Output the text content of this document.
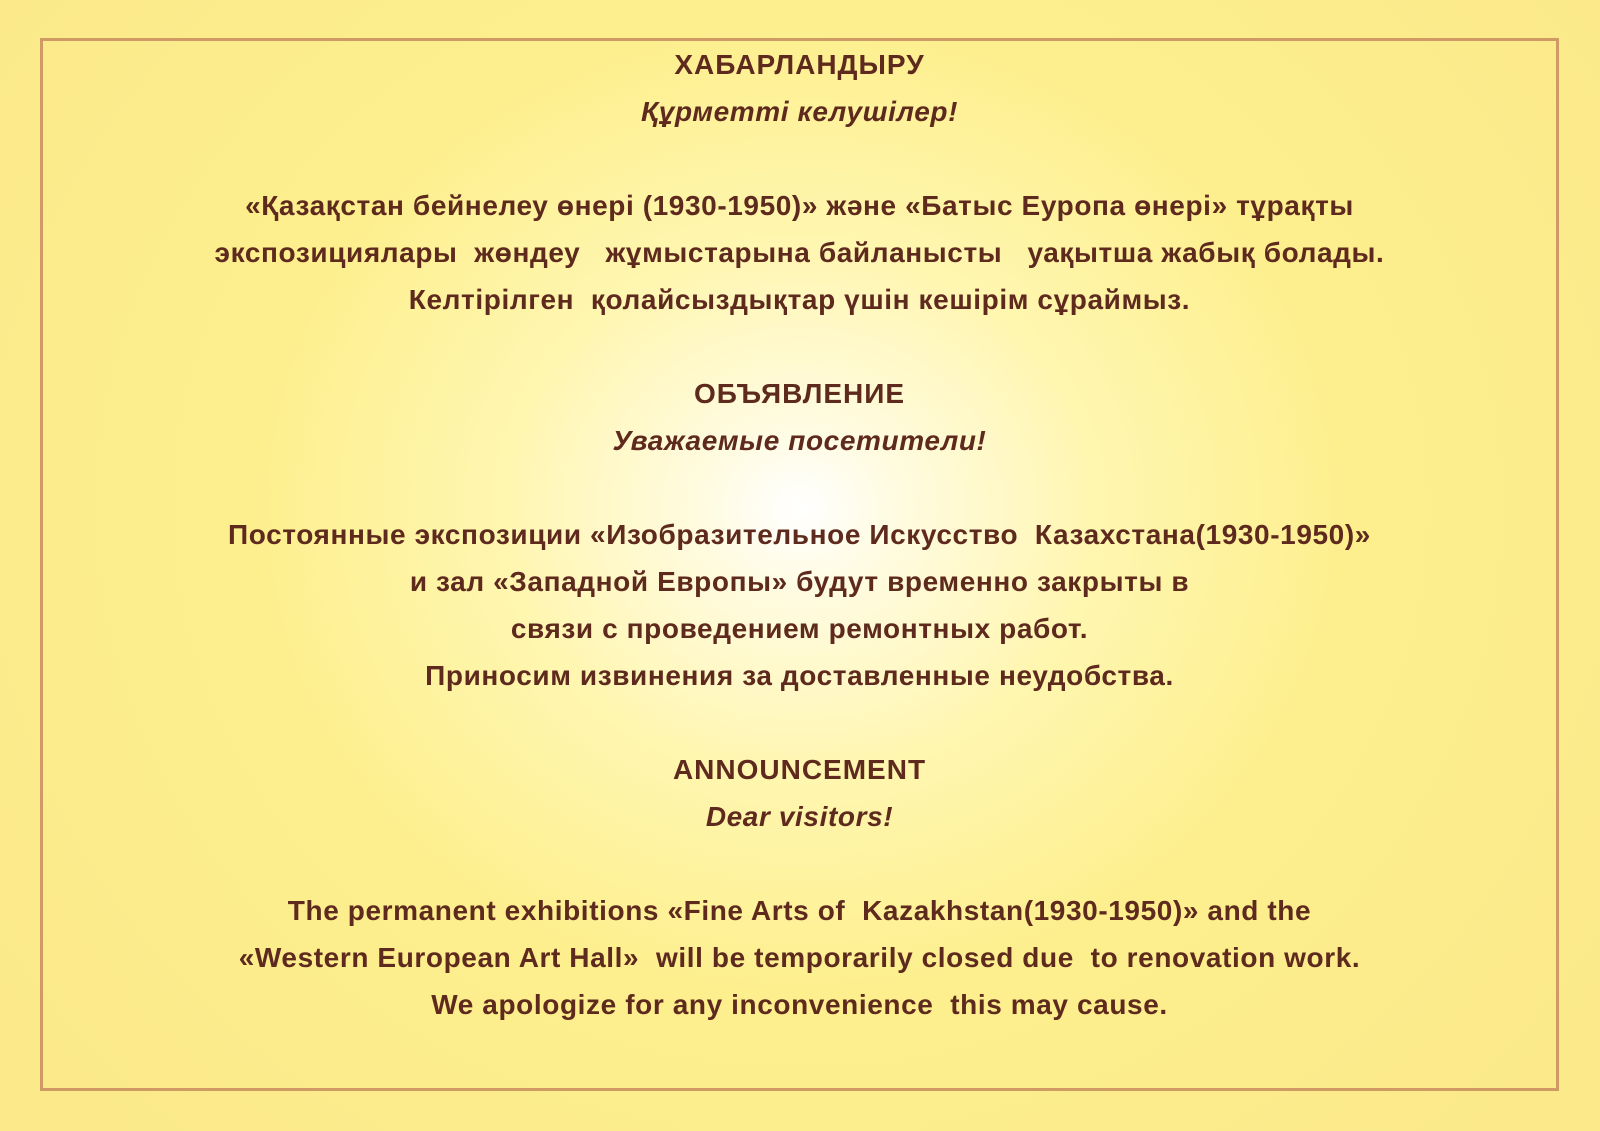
ХАБАРЛАНДЫРУ
Құрметті келушілер!
«Қазақстан бейнелеу өнері (1930-1950)» және «Батыс Еуропа өнері» тұрақты
экспозициялары  жөндеу   жұмыстарына байланысты   уақытша жабық болады.
Келтірілген  қолайсыздықтар үшін кешірім сұраймыз.
ОБЪЯВЛЕНИЕ
Уважаемые посетители!
Постоянные экспозиции «Изобразительное Искусство  Казахстана(1930-1950)»
и зал «Западной Европы» будут временно закрыты в
связи с проведением ремонтных работ.
Приносим извинения за доставленные неудобства.
ANNOUNCEMENT
Dear visitors!
The permanent exhibitions «Fine Arts of  Kazakhstan(1930-1950)» and the
«Western European Art Hall»  will be temporarily closed due  to renovation work.
We apologize for any inconvenience  this may cause.
